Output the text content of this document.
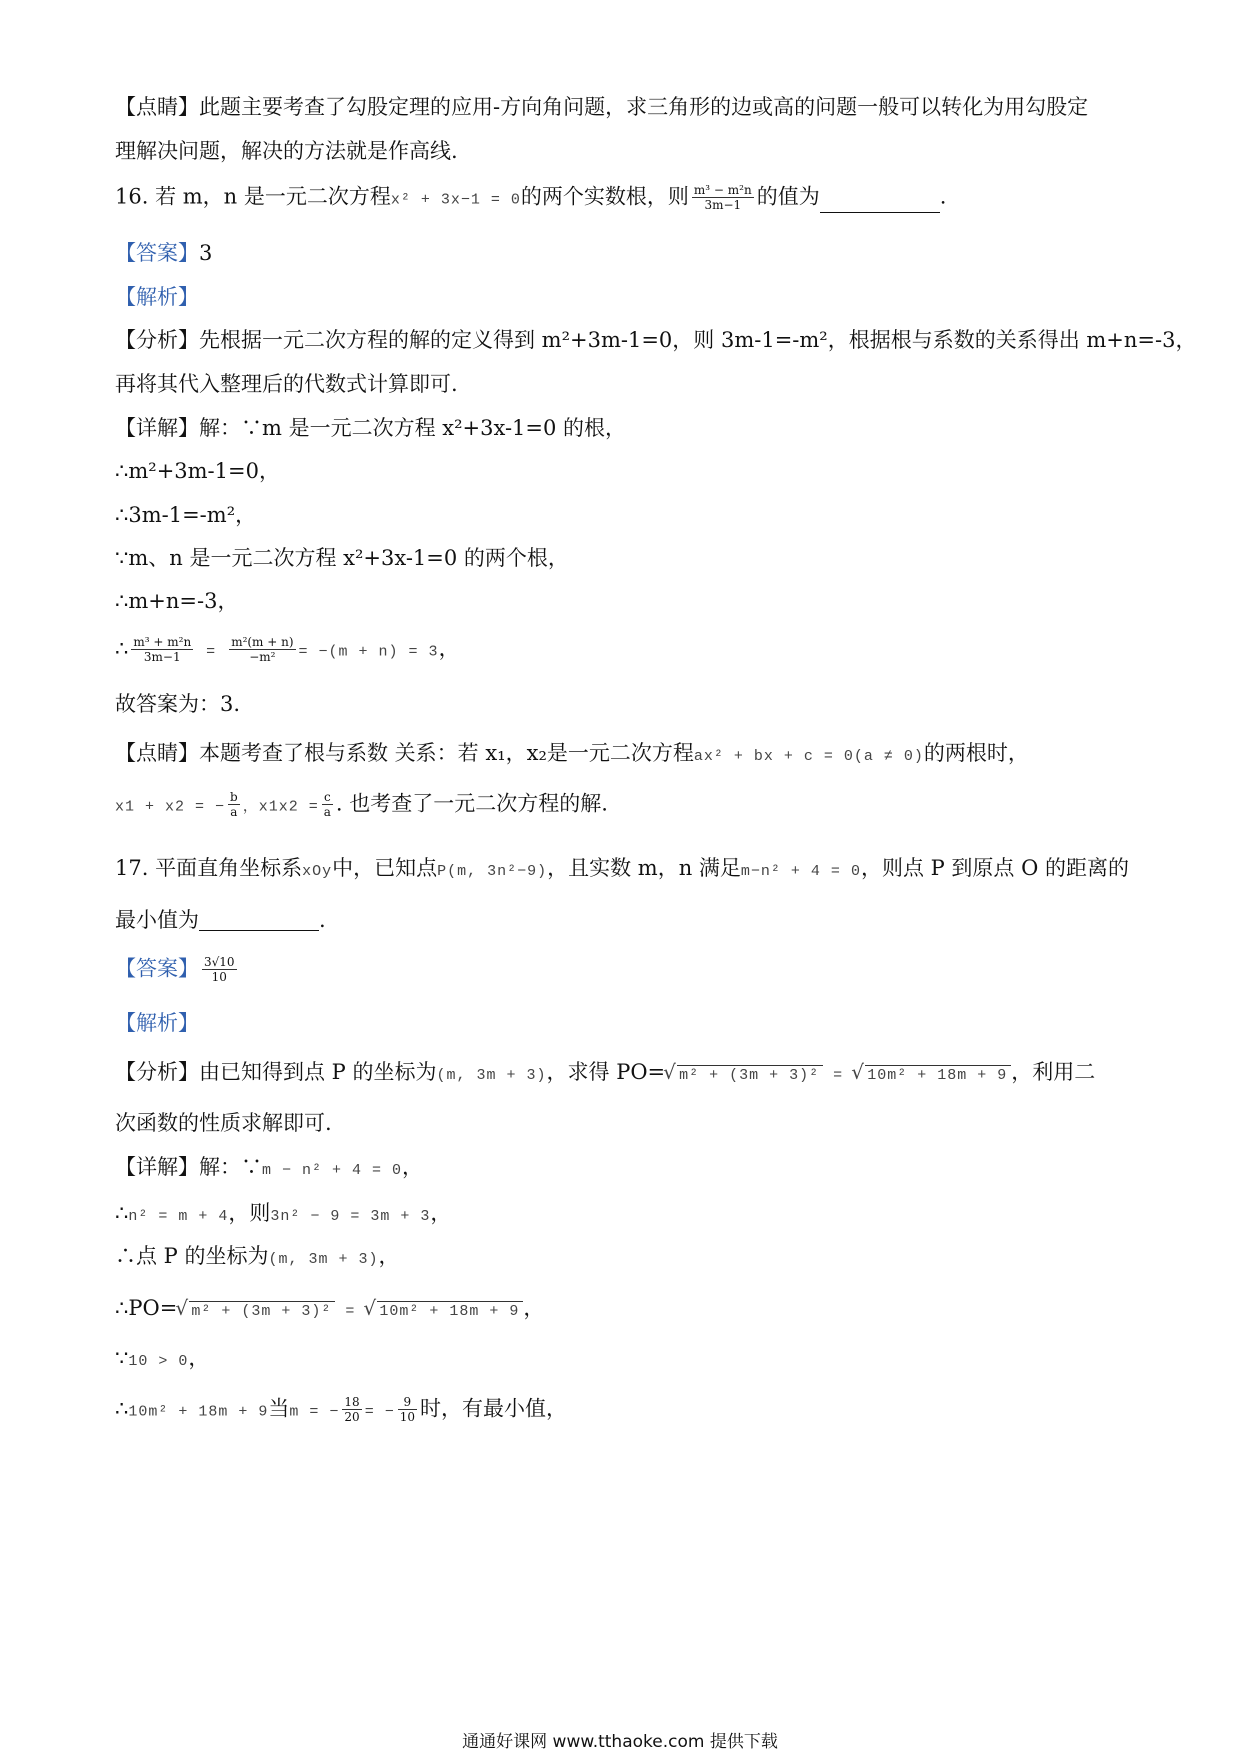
【点睛】此题主要考查了勾股定理的应用-方向角问题，求三角形的边或高的问题一般可以转化为用勾股定
理解决问题，解决的方法就是作高线.
16. 若 m，n 是一元二次方程x² + 3x−1 = 0的两个实数根，则 $\frac{\text{m³ − m²n}}{3m-1}$ 的值为	.
【答案】3
【解析】
【分析】先根据一元二次方程的解的定义得到 m²+3m-1=0，则 3m-1=-m²，根据根与系数的关系得出 m+n=-3，
再将其代入整理后的代数式计算即可.
【详解】解：∵m 是一元二次方程 x²+3x-1=0 的根，
∴m²+3m-1=0，
∴3m-1=-m²，
∵m、n 是一元二次方程 x²+3x-1=0 的两个根，
∴m+n=-3，
∴ $\frac{\text{m³ + m²n}}{3m-1} = \frac{\text{m²(m + n)}}{\text{−m²}} = -(m + n) = 3$，
故答案为：3.
【点睛】本题考查了根与系数 关系：若 x₁，x₂是一元二次方程ax² + bx + c = 0(a ≠ 0)的两根时，
x1 + x2 = − $\frac{b}{a}$ ，$x1x2 = \frac{c}{a}$ . 也考查了一元二次方程的解.
17. 平面直角坐标系xOy中，已知点P(m, 3n²−9)，且实数 m，n 满足m−n² + 4 = 0，则点 P 到原点 O 的距离的
最小值为	.
【答案】 $\frac{3√10}{10}$
【解析】
【分析】由已知得到点 P 的坐标为(m, 3m + 3)，求得 PO= √ m² + (3m + 3)² = √ 10m² + 18m + 9 ，利用二
次函数的性质求解即可.
【详解】解：∵m − n² + 4 = 0，
∴n² = m + 4，则3n² − 9 = 3m + 3，
∴点 P 的坐标为(m, 3m + 3)，
∴PO= √ m² + (3m + 3)² = √ 10m² + 18m + 9 ，
∵10 > 0，
∴10m² + 18m + 9当m = − $\frac{18}{20}$ = − $\frac{9}{10}$ 时，有最小值，
通通好课网 www.tthaoke.com 提供下载
